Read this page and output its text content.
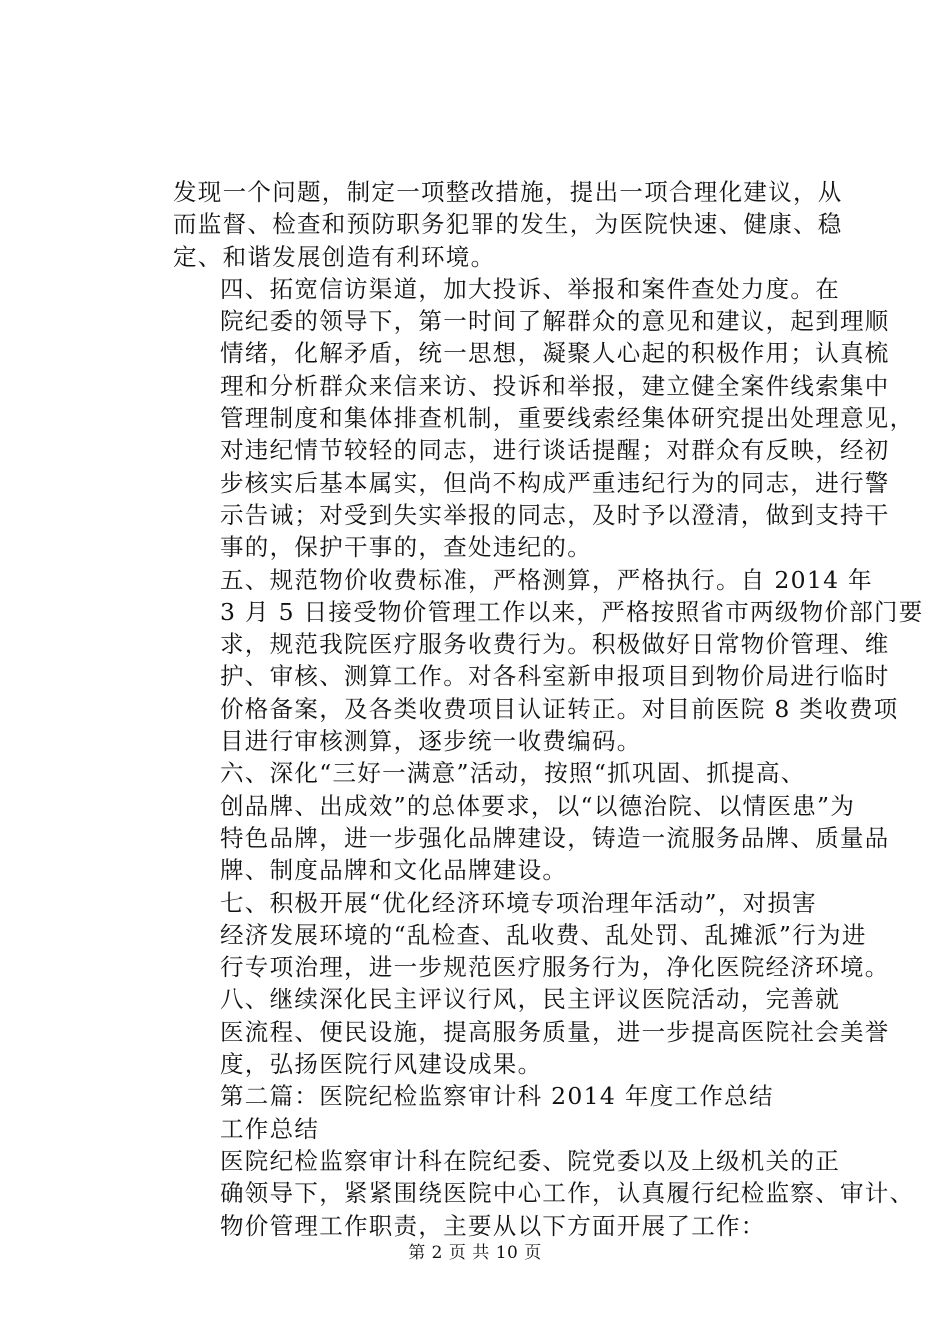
发现一个问题，制定一项整改措施，提出一项合理化建议，从
而监督、检查和预防职务犯罪的发生，为医院快速、健康、稳
定、和谐发展创造有利环境。

四、拓宽信访渠道，加大投诉、举报和案件查处力度。在
院纪委的领导下，第一时间了解群众的意见和建议，起到理顺
情绪，化解矛盾，统一思想，凝聚人心起的积极作用；认真梳
理和分析群众来信来访、投诉和举报，建立健全案件线索集中
管理制度和集体排查机制，重要线索经集体研究提出处理意见，
对违纪情节较轻的同志，进行谈话提醒；对群众有反映，经初
步核实后基本属实，但尚不构成严重违纪行为的同志，进行警
示告诫；对受到失实举报的同志，及时予以澄清，做到支持干
事的，保护干事的，查处违纪的。

五、规范物价收费标准，严格测算，严格执行。自 2014 年
3 月 5 日接受物价管理工作以来，严格按照省市两级物价部门要
求，规范我院医疗服务收费行为。积极做好日常物价管理、维
护、审核、测算工作。对各科室新申报项目到物价局进行临时
价格备案，及各类收费项目认证转正。对目前医院 8 类收费项
目进行审核测算，逐步统一收费编码。

六、深化“三好一满意”活动，按照“抓巩固、抓提高、
创品牌、出成效”的总体要求，以“以德治院、以情医患”为
特色品牌，进一步强化品牌建设，铸造一流服务品牌、质量品
牌、制度品牌和文化品牌建设。

七、积极开展“优化经济环境专项治理年活动”，对损害
经济发展环境的“乱检查、乱收费、乱处罚、乱摊派”行为进
行专项治理，进一步规范医疗服务行为，净化医院经济环境。

八、继续深化民主评议行风，民主评议医院活动，完善就
医流程、便民设施，提高服务质量，进一步提高医院社会美誉
度，弘扬医院行风建设成果。

第二篇：医院纪检监察审计科 2014 年度工作总结

工作总结

医院纪检监察审计科在院纪委、院党委以及上级机关的正
确领导下，紧紧围绕医院中心工作，认真履行纪检监察、审计、
物价管理工作职责，主要从以下方面开展了工作：

第 2 页 共 10 页
